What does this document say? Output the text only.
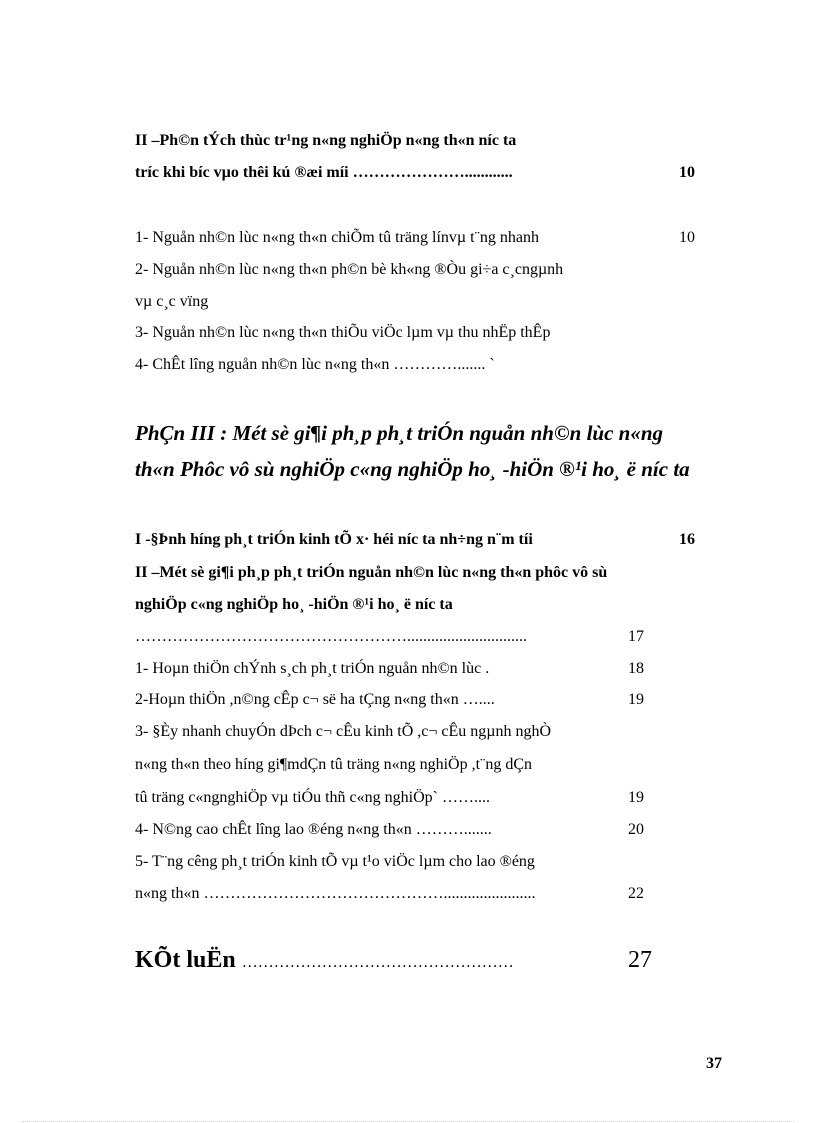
II –Ph©n tÝch thùc tr¹ng n«ng nghiÖp n«ng th«n níc ta
tríc khi bíc vµo thêi kú ®æi míi …………………............	10
1- Nguån nh©n lùc n«ng th«n chiÕm tû träng línvµ t¨ng nhanh	10
2- Nguån nh©n lùc n«ng th«n ph©n bè kh«ng ®Òu gi÷a c¸cngµnh
vµ c¸c vïng
3- Nguån nh©n lùc n«ng th«n thiÕu viÖc lµm vµ thu nhËp thÊp
4- ChÊt lîng nguån nh©n lùc n«ng th«n …………....... `
PhÇn III : Mét sè gi¶i ph¸p ph¸t triÓn nguån nh©n lùc n«ng
th«n Phôc vô sù nghiÖp c«ng nghiÖp ho¸ -hiÖn ®¹i ho¸ ë níc ta
I -§Þnh híng ph¸t triÓn kinh tÕ x· héi níc ta nh÷ng n¨m tíi	16
II –Mét sè gi¶i ph¸p ph¸t triÓn nguån nh©n lùc n«ng th«n phôc vô sù
nghiÖp c«ng nghiÖp ho¸ -hiÖn ®¹i ho¸ ë níc ta
……………………………………………..............................	17
1- Hoµn thiÖn chÝnh s¸ch ph¸t triÓn nguån nh©n lùc .	18
2-Hoµn thiÖn ,n©ng cÊp c¬ së ha tÇng n«ng th«n …....	19
3- §Èy nhanh chuyÓn dÞch c¬ cÊu kinh tÕ ,c¬ cÊu ngµnh nghÒ
n«ng th«n theo híng gi¶mdÇn tû träng n«ng nghiÖp ,t¨ng dÇn
tû träng c«ngnghiÖp vµ tiÓu thñ c«ng nghiÖp` ……....	19
4- N©ng cao chÊt lîng lao ®éng n«ng th«n ……….......	20
5- T¨ng cêng ph¸t triÓn kinh tÕ vµ t¹o viÖc lµm cho lao ®éng
n«ng th«n ……………………………………….......................	22
KÕt luËn ……………………………………………	27
37
